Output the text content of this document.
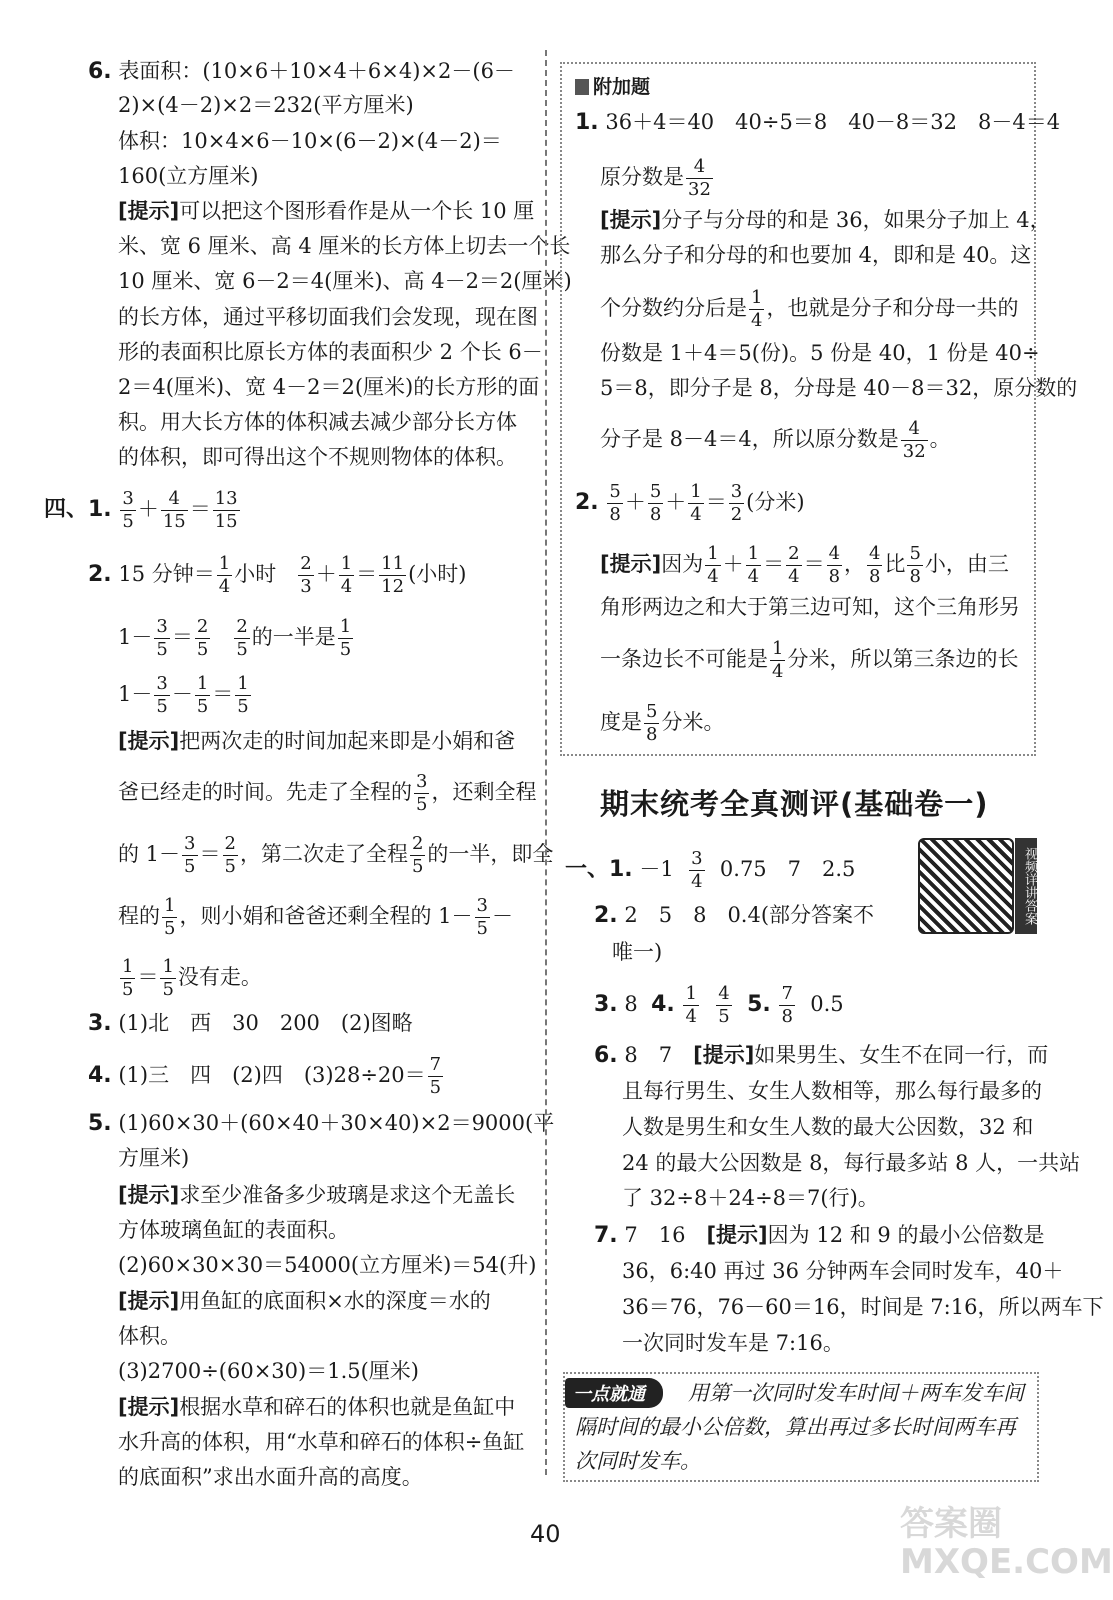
6. 表面积：(10×6＋10×4＋6×4)×2－(6－
2)×(4－2)×2＝232(平方厘米)
体积：10×4×6－10×(6－2)×(4－2)＝
160(立方厘米)
[提示]可以把这个图形看作是从一个长 10 厘
米、宽 6 厘米、高 4 厘米的长方体上切去一个长
10 厘米、宽 6－2＝4(厘米)、高 4－2＝2(厘米)
的长方体，通过平移切面我们会发现，现在图
形的表面积比原长方体的表面积少 2 个长 6－
2＝4(厘米)、宽 4－2＝2(厘米)的长方形的面
积。用大长方体的体积减去减少部分长方体
的体积，即可得出这个不规则物体的体积。
四、1. $\frac{3}{5} + \frac{4}{15} = \frac{13}{15}$
2. 15 分钟＝ $\frac{1}{4}$ 小时 $\frac{2}{3} + \frac{1}{4} = \frac{11}{12}$ (小时)
$1- \frac{3}{5} = \frac{2}{5}$
$\frac{2}{5}$ 的一半是 $\frac{1}{5}$
$1- \frac{3}{5} - \frac{1}{5} = \frac{1}{5}$
[提示]把两次走的时间加起来即是小娟和爸
爸已经走的时间。先走了全程的 $\frac{3}{5}$ ，还剩全程
的 $1- \frac{3}{5} = \frac{2}{5}$ ，第二次走了全程 $\frac{2}{5}$ 的一半，即全
程的 $\frac{1}{5}$ ，则小娟和爸爸还剩全程的 $1- \frac{3}{5}$ －
$\frac{1}{5} = \frac{1}{5}$ 没有走。
3. (1)北　西　30　200　(2)图略
4. (1)三　四　(2)四　$(3)28\div 20= \frac{7}{5}$
5. (1)60×30＋(60×40＋30×40)×2＝9000(平
方厘米)
[提示]求至少准备多少玻璃是求这个无盖长
方体玻璃鱼缸的表面积。
(2)60×30×30＝54000(立方厘米)＝54(升)
[提示]用鱼缸的底面积×水的深度＝水的
体积。
(3)2700÷(60×30)＝1.5(厘米)
[提示]根据水草和碎石的体积也就是鱼缸中
水升高的体积，用“水草和碎石的体积÷鱼缸
的底面积”求出水面升高的高度。
附加题
1. 36＋4＝40　40÷5＝8　40－8＝32　8－4＝4
原分数是 $\frac{4}{32}$
[提示]分子与分母的和是 36，如果分子加上 4，
那么分子和分母的和也要加 4，即和是 40。这
个分数约分后是 $\frac{1}{4}$ ，也就是分子和分母一共的
份数是 1＋4＝5(份)。5 份是 40，1 份是 40÷
5＝8，即分子是 8，分母是 40－8＝32，原分数的
分子是 8－4＝4，所以原分数是 $\frac{4}{32}$ 。
2. $\frac{5}{8} + \frac{5}{8} + \frac{1}{4} = \frac{3}{2}$ (分米)
[提示]因为 $\frac{1}{4} + \frac{1}{4} = \frac{2}{4} = \frac{4}{8}$ ， $\frac{4}{8}$ 比 $\frac{5}{8}$ 小，由三
角形两边之和大于第三边可知，这个三角形另
一条边长不可能是 $\frac{1}{4}$ 分米，所以第三条边的长
度是 $\frac{5}{8}$ 分米。
期末统考全真测评(基础卷一)
视频详讲答案
一、1. $-1 \frac{3}{4} 0.75$　7　2.5
2. 2　5　8　0.4(部分答案不
唯一)
3. 8 4. $\frac{1}{4}$
$\frac{4}{5} 5$. $\frac{7}{8} 0.5$
6. 8　7　[提示]如果男生、女生不在同一行，而
且每行男生、女生人数相等，那么每行最多的
人数是男生和女生人数的最大公因数，32 和
24 的最大公因数是 8，每行最多站 8 人，一共站
了 32÷8＋24÷8＝7(行)。
7. 7　16　[提示]因为 12 和 9 的最小公倍数是
36，6:40 再过 36 分钟两车会同时发车，40＋
36＝76，76－60＝16，时间是 7:16，所以两车下
一次同时发车是 7:16。
一点就通	用第一次同时发车时间＋两车发车间
隔时间的最小公倍数，算出再过多长时间两车再
次同时发车。
40	答案圈
MXQE.COM
